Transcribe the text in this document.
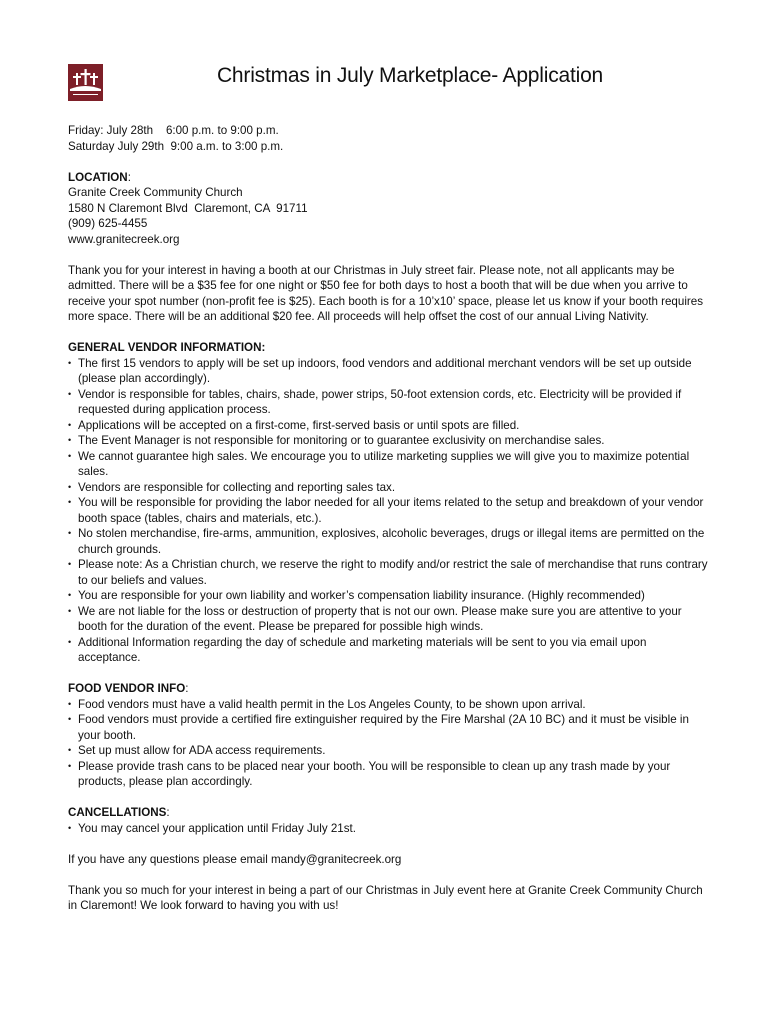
Christmas in July Marketplace- Application

Friday: July 28th    6:00 p.m. to 9:00 p.m.

Saturday July 29th  9:00 a.m. to 3:00 p.m.

LOCATION:

Granite Creek Community Church

1580 N Claremont Blvd  Claremont, CA  91711

(909) 625-4455

www.granitecreek.org

Thank you for your interest in having a booth at our Christmas in July street fair. Please note, not all applicants may be admitted. There will be a $35 fee for one night or $50 fee for both days to host a booth that will be due when you arrive to receive your spot number (non-profit fee is $25). Each booth is for a 10’x10’ space, please let us know if your booth requires more space. There will be an additional $20 fee. All proceeds will help offset the cost of our annual Living Nativity.

GENERAL VENDOR INFORMATION:

• The first 15 vendors to apply will be set up indoors, food vendors and additional merchant vendors will be set up outside (please plan accordingly).
• Vendor is responsible for tables, chairs, shade, power strips, 50-foot extension cords, etc. Electricity will be provided if requested during application process.
• Applications will be accepted on a first-come, first-served basis or until spots are filled.
• The Event Manager is not responsible for monitoring or to guarantee exclusivity on merchandise sales.
• We cannot guarantee high sales. We encourage you to utilize marketing supplies we will give you to maximize potential sales.
• Vendors are responsible for collecting and reporting sales tax.
• You will be responsible for providing the labor needed for all your items related to the setup and breakdown of your vendor booth space (tables, chairs and materials, etc.).
• No stolen merchandise, fire-arms, ammunition, explosives, alcoholic beverages, drugs or illegal items are permitted on the church grounds.
• Please note: As a Christian church, we reserve the right to modify and/or restrict the sale of merchandise that runs contrary to our beliefs and values.
• You are responsible for your own liability and worker’s compensation liability insurance. (Highly recommended)
• We are not liable for the loss or destruction of property that is not our own. Please make sure you are attentive to your booth for the duration of the event. Please be prepared for possible high winds.
• Additional Information regarding the day of schedule and marketing materials will be sent to you via email upon acceptance.

FOOD VENDOR INFO:

• Food vendors must have a valid health permit in the Los Angeles County, to be shown upon arrival.
• Food vendors must provide a certified fire extinguisher required by the Fire Marshal (2A 10 BC) and it must be visible in your booth.
• Set up must allow for ADA access requirements.
• Please provide trash cans to be placed near your booth. You will be responsible to clean up any trash made by your products, please plan accordingly.

CANCELLATIONS:

• You may cancel your application until Friday July 21st.

If you have any questions please email mandy@granitecreek.org

Thank you so much for your interest in being a part of our Christmas in July event here at Granite Creek Community Church in Claremont! We look forward to having you with us!
